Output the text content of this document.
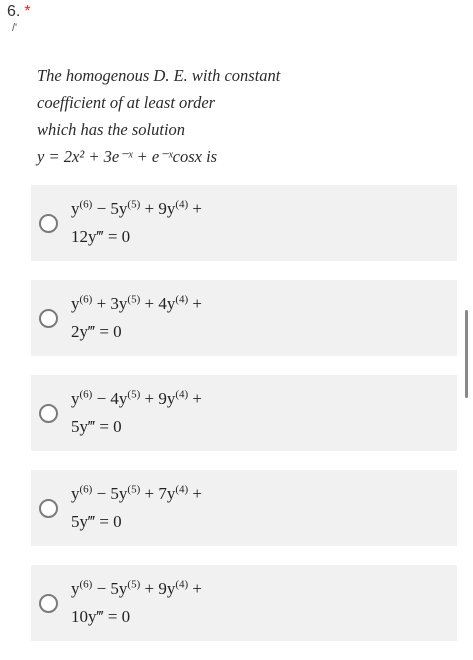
6. *
/'
The homogenous D. E. with constant
coefficient of at least order
which has the solution
y = 2x² + 3e⁻ˣ + e⁻ˣcosx is
$y^{(6)} - 5y^{(5)} + 9y^{(4)}$ +
12y‴ = 0
$y^{(6)} + 3y^{(5)} + 4y^{(4)}$ +
2y‴ = 0
$y^{(6)} - 4y^{(5)} + 9y^{(4)}$ +
5y‴ = 0
$y^{(6)} - 5y^{(5)} + 7y^{(4)}$ +
5y‴ = 0
$y^{(6)} - 5y^{(5)} + 9y^{(4)}$ +
10y‴ = 0
